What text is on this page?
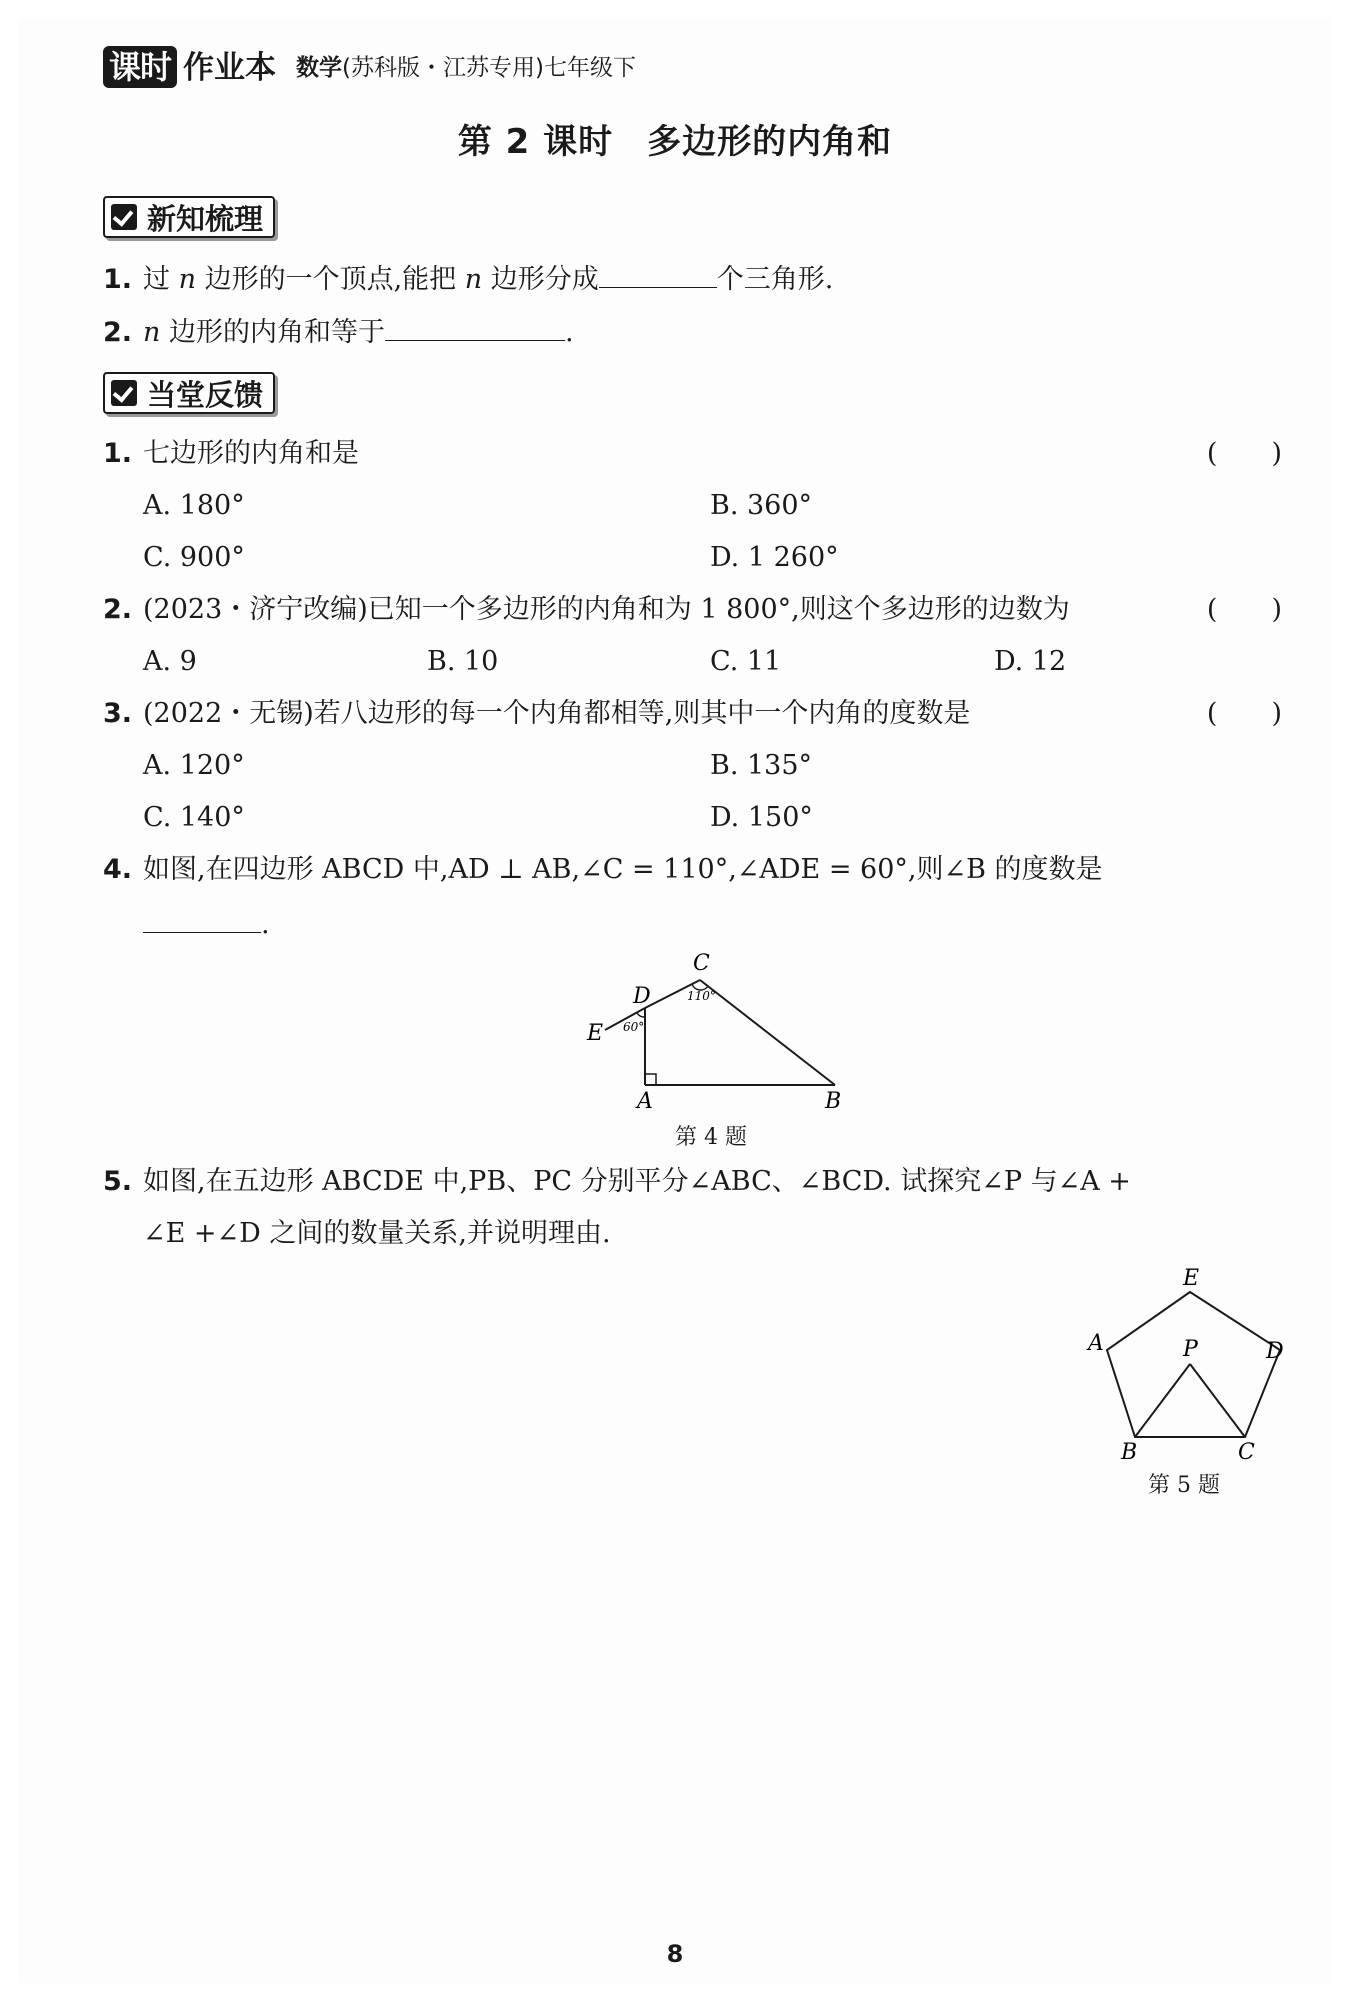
课时 作业本 数学(苏科版・江苏专用)七年级下
第 2 课时 多边形的内角和
新知梳理
1. 过 n 边形的一个顶点,能把 n 边形分成	个三角形.
2. n 边形的内角和等于	.
当堂反馈
1. 七边形的内角和是	(　　)
A. 180°	B. 360°
C. 900°	D. 1 260°
2. (2023・济宁改编)已知一个多边形的内角和为 1 800°,则这个多边形的边数为	(　　)
A. 9	B. 10	C. 11	D. 12
3. (2022・无锡)若八边形的每一个内角都相等,则其中一个内角的度数是	(　　)
A. 120°	B. 135°
C. 140°	D. 150°
4. 如图,在四边形 ABCD 中,AD ⊥ AB,∠C = 110°,∠ADE = 60°,则∠B 的度数是
.
C
D
E
A	B
110°
60°
第 4 题
5. 如图,在五边形 ABCDE 中,PB、PC 分别平分∠ABC、∠BCD. 试探究∠P 与∠A +
∠E +∠D 之间的数量关系,并说明理由.
E
D
A	P
B	C
第 5 题
8
